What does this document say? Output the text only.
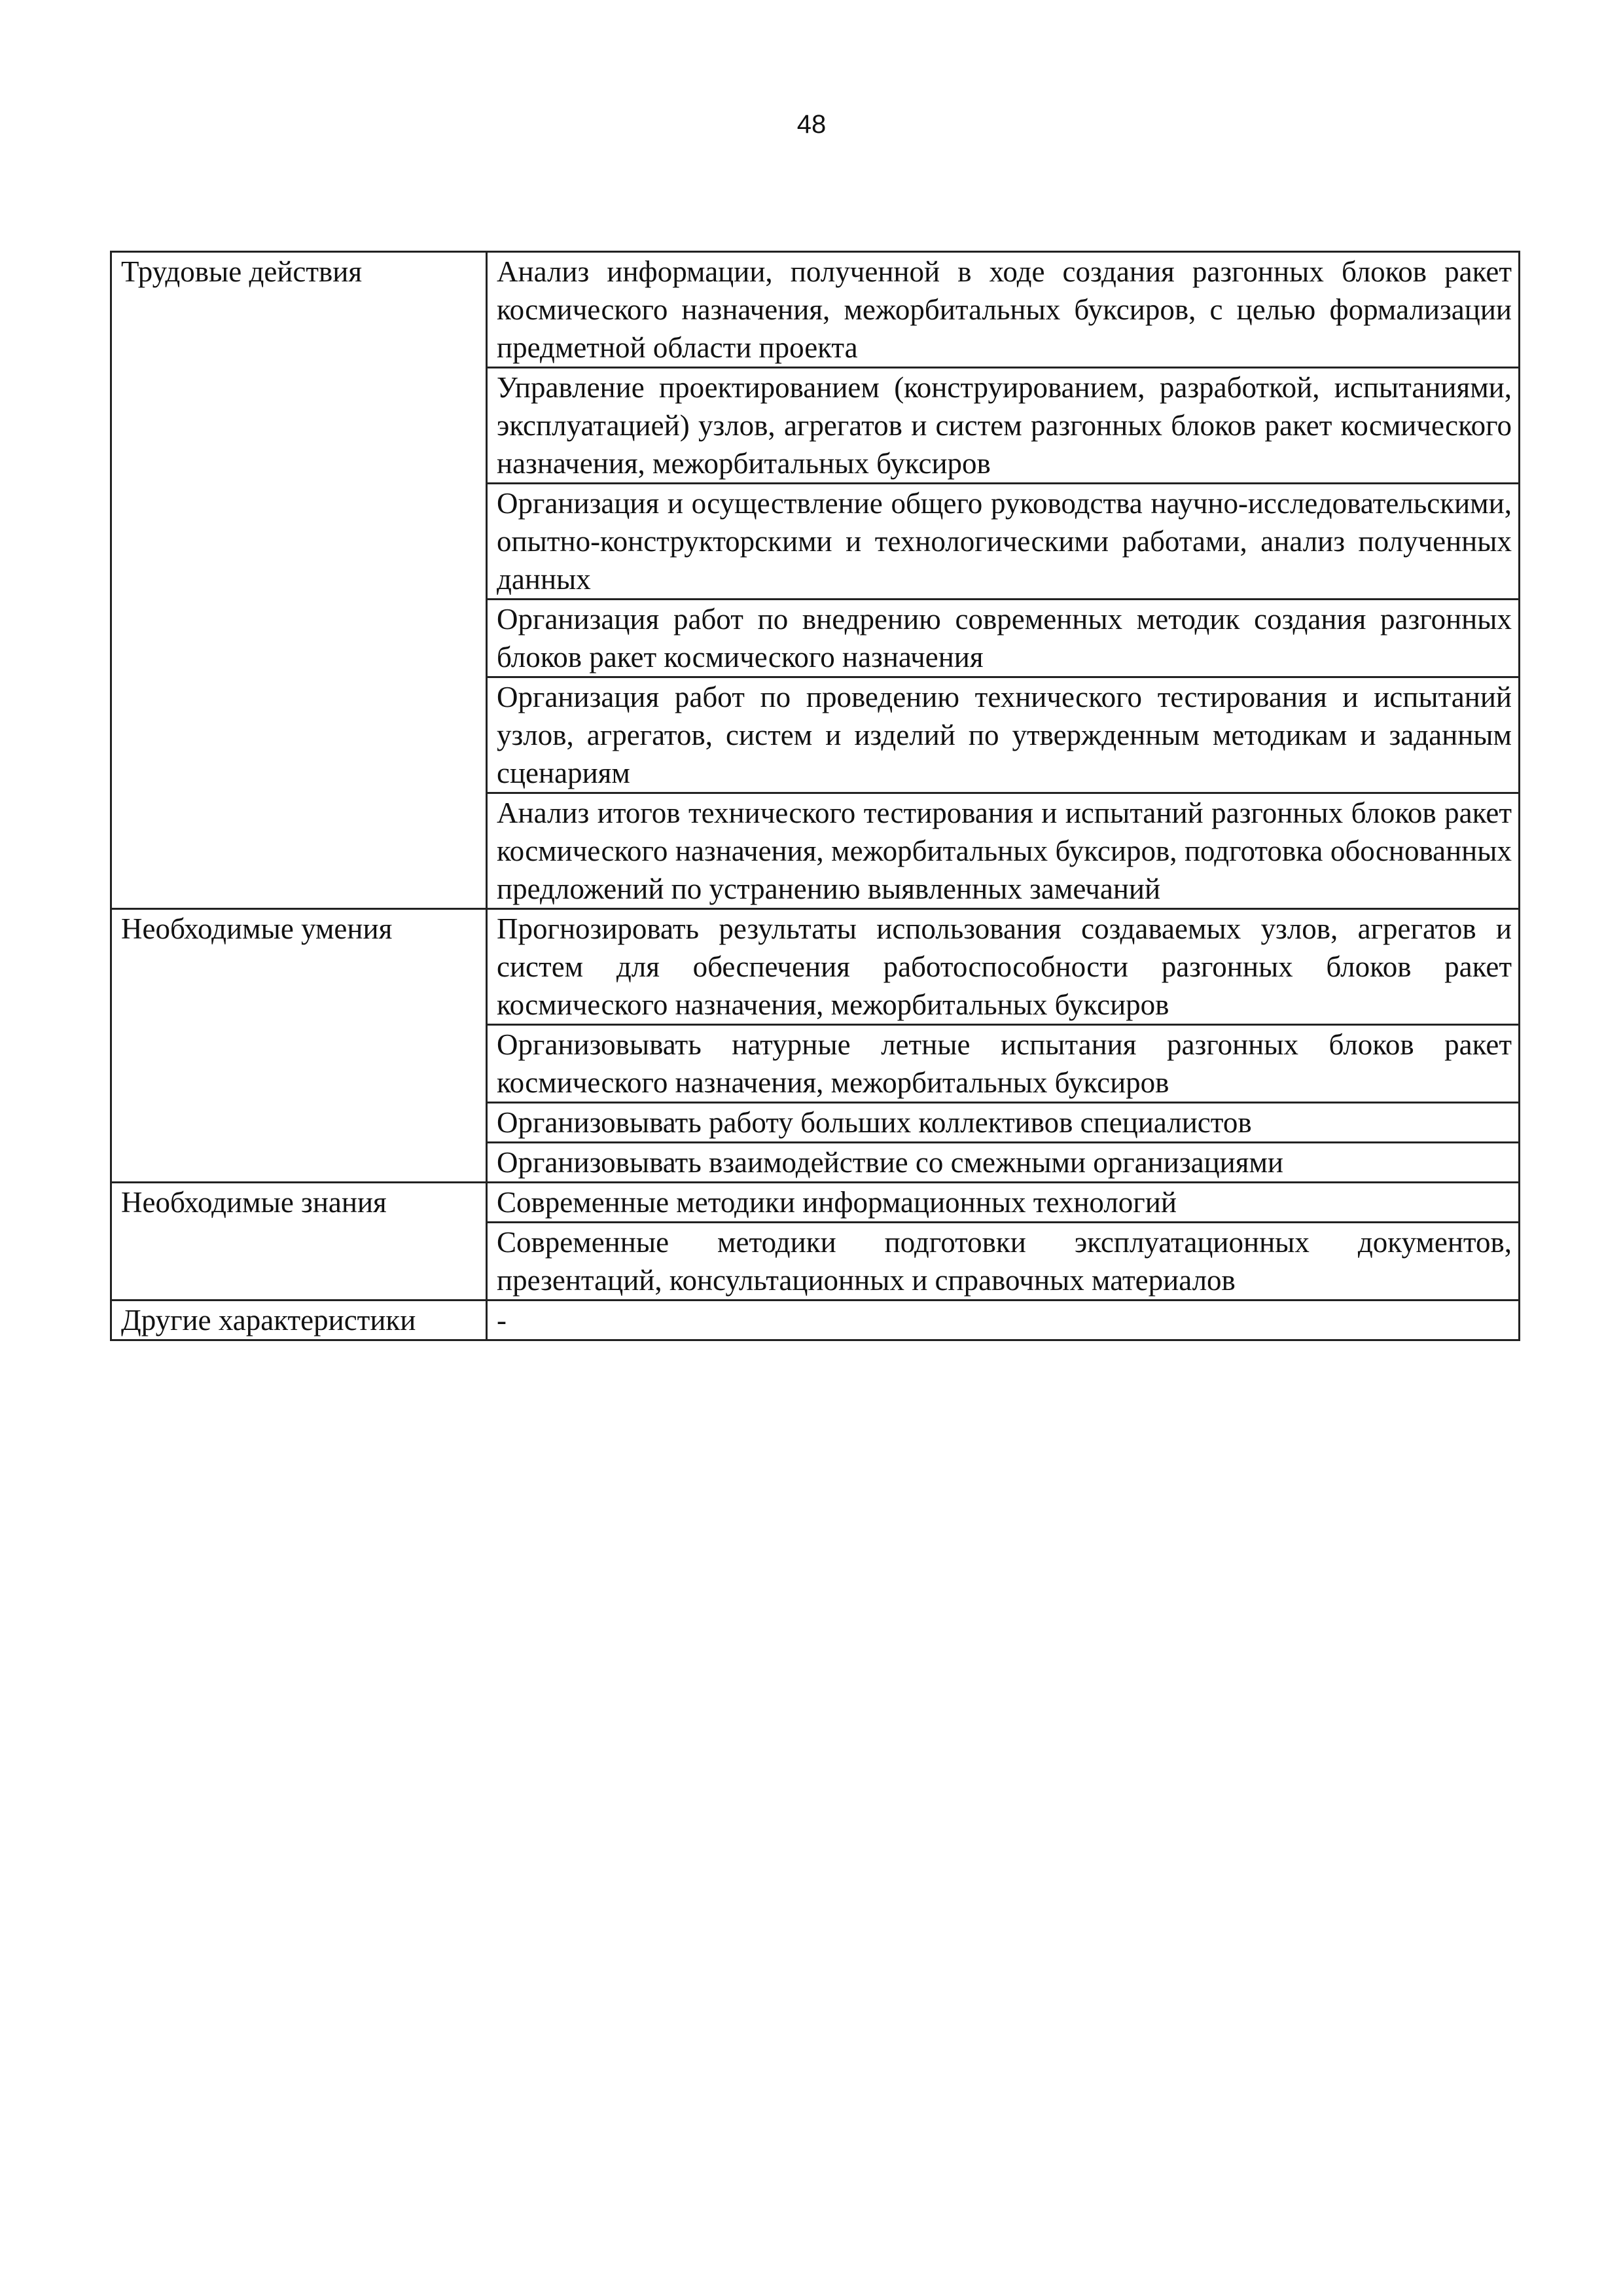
48
Трудовые действия	Анализ информации, полученной в ходе создания разгонных блоков ракет космического назначения, межорбитальных буксиров, с целью формализации предметной области проекта
	Управление проектированием (конструированием, разработкой, испытаниями, эксплуатацией) узлов, агрегатов и систем разгонных блоков ракет космического назначения, межорбитальных буксиров
	Организация и осуществление общего руководства научно-исследовательскими, опытно-конструкторскими и технологическими работами, анализ полученных данных
	Организация работ по внедрению современных методик создания разгонных блоков ракет космического назначения
	Организация работ по проведению технического тестирования и испытаний узлов, агрегатов, систем и изделий по утвержденным методикам и заданным сценариям
	Анализ итогов технического тестирования и испытаний разгонных блоков ракет космического назначения, межорбитальных буксиров, подготовка обоснованных предложений по устранению выявленных замечаний
Необходимые умения	Прогнозировать результаты использования создаваемых узлов, агрегатов и систем для обеспечения работоспособности разгонных блоков ракет космического назначения, межорбитальных буксиров
	Организовывать натурные летные испытания разгонных блоков ракет космического назначения, межорбитальных буксиров
	Организовывать работу больших коллективов специалистов
	Организовывать взаимодействие со смежными организациями
Необходимые знания	Современные методики информационных технологий
	Современные методики подготовки эксплуатационных документов, презентаций, консультационных и справочных материалов
Другие характеристики	-
